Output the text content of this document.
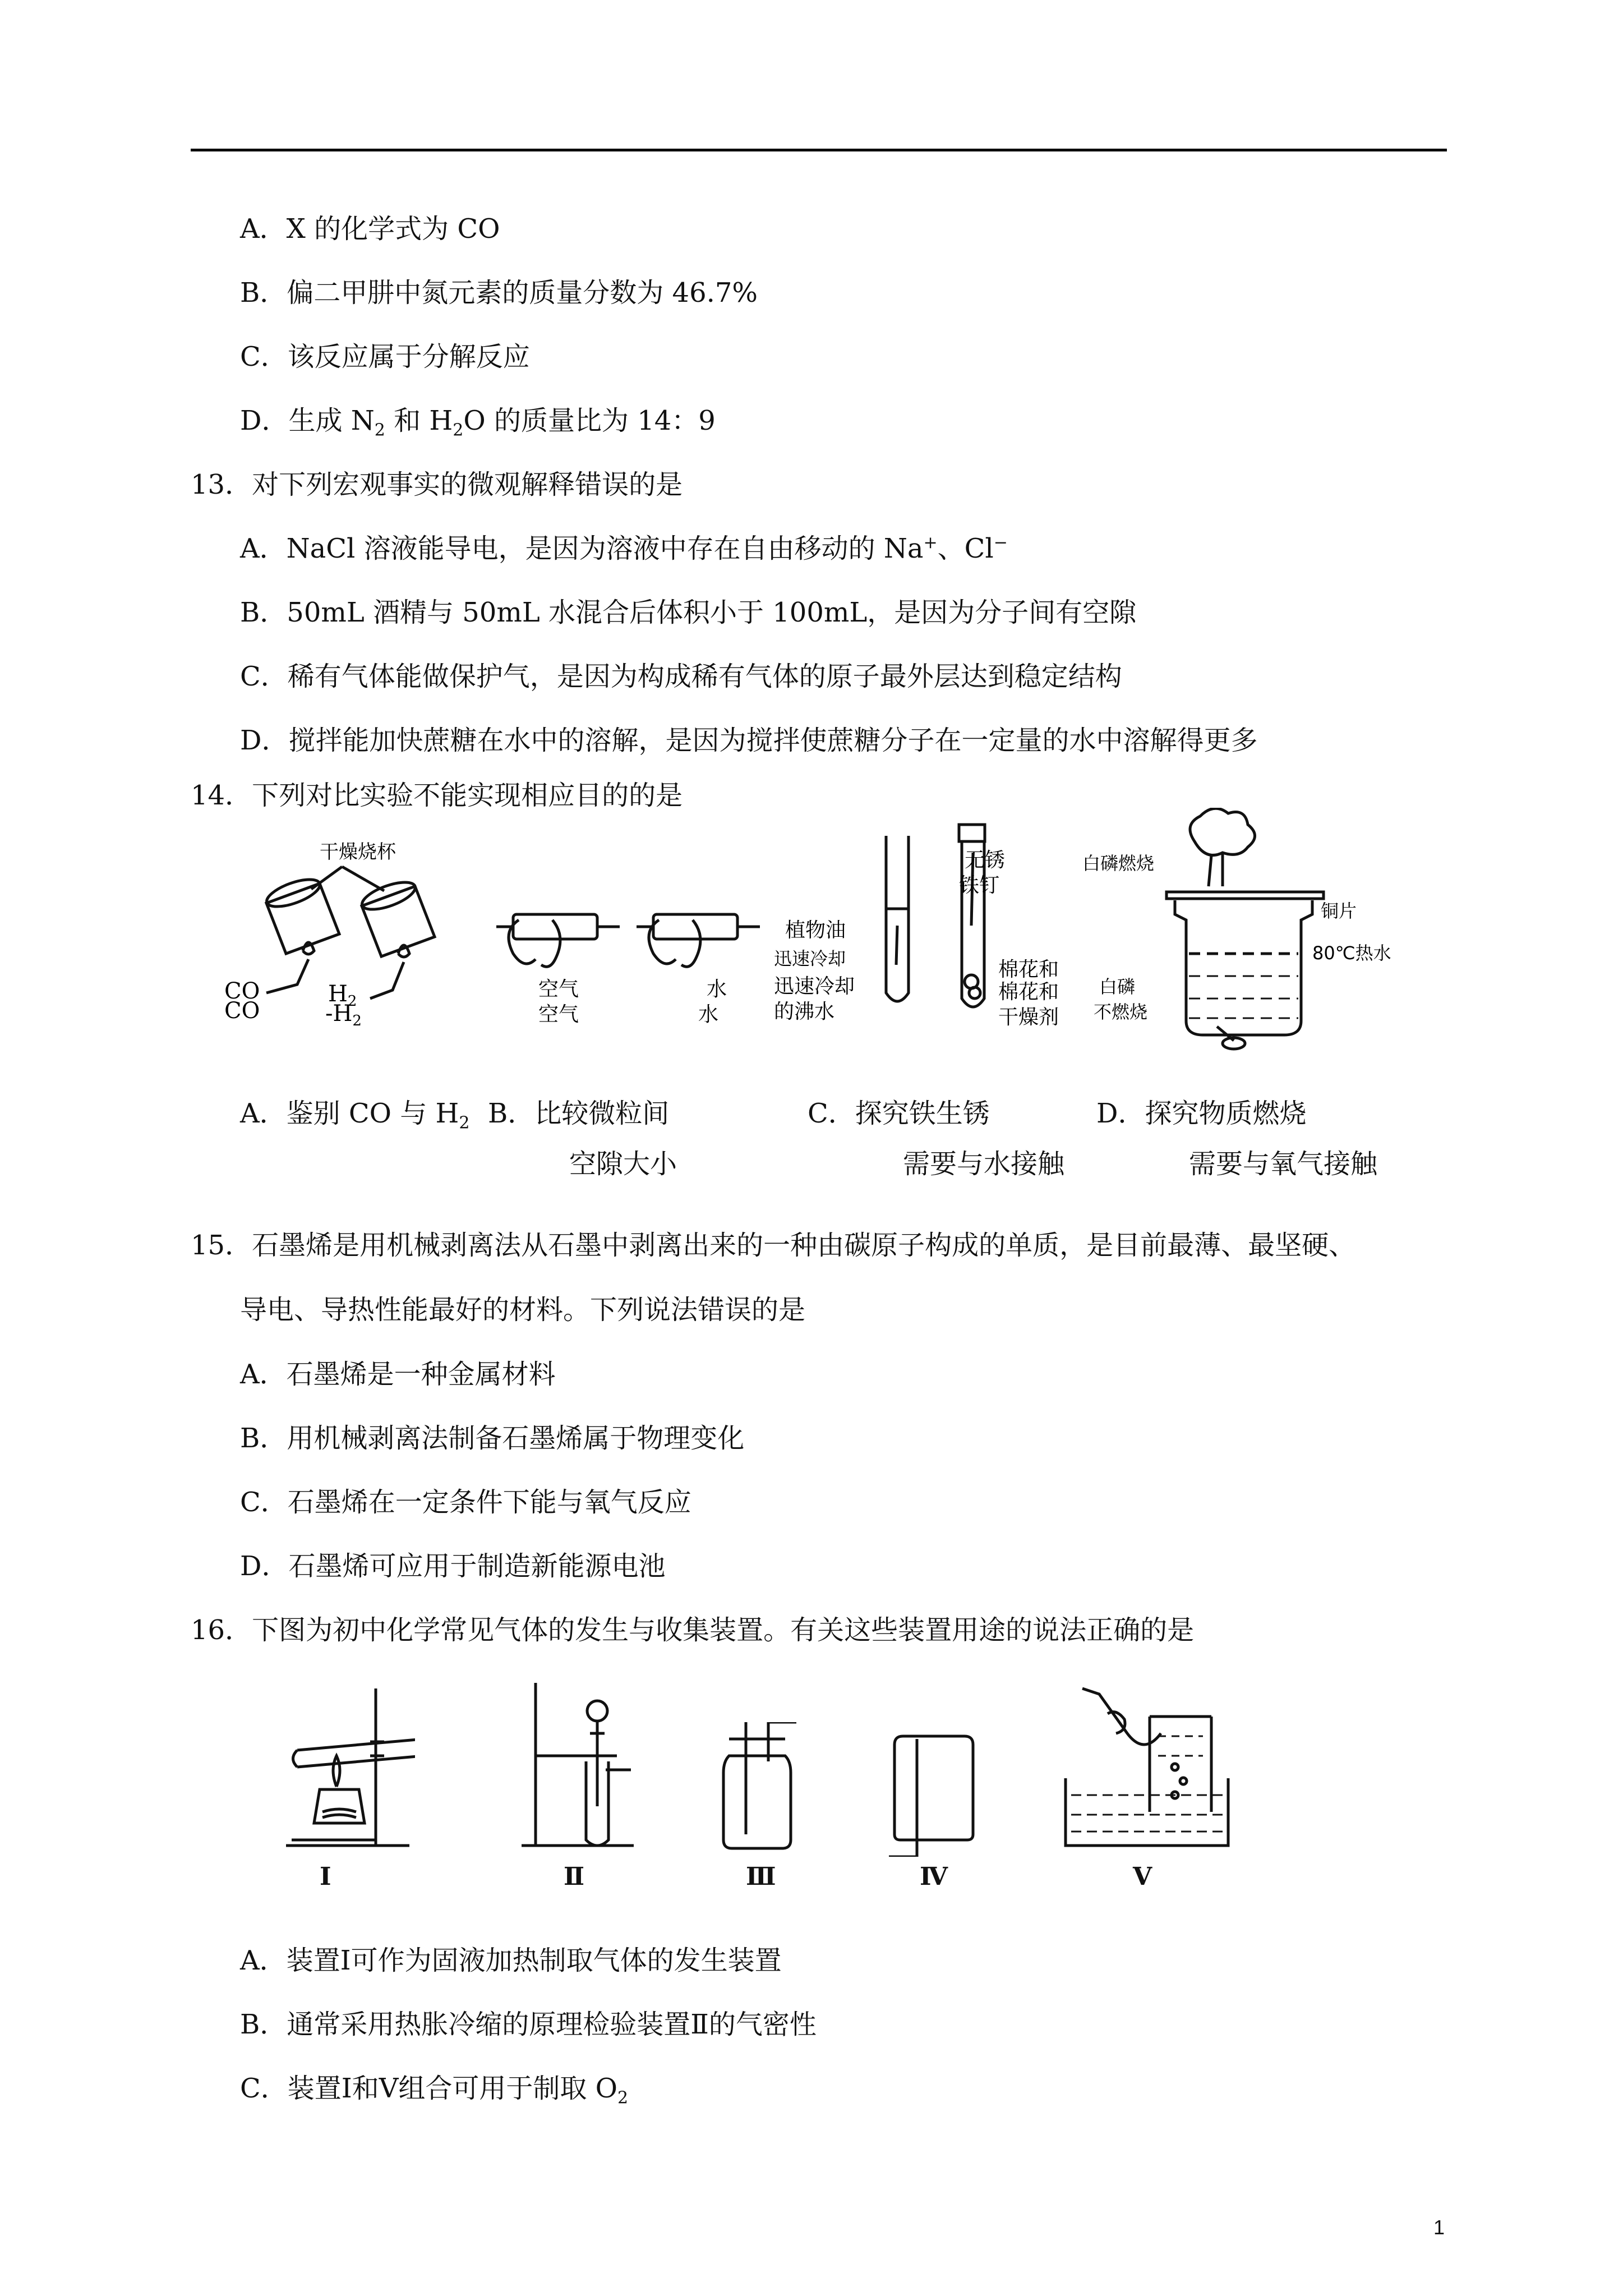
A．X 的化学式为 CO
B．偏二甲肼中氮元素的质量分数为 46.7%
C．该反应属于分解反应
D．生成 $N_2$ 和 $H_2O$ 的质量比为 14：9
13．对下列宏观事实的微观解释错误的是
A．NaCl 溶液能导电，是因为溶液中存在自由移动的 Na+、Cl−
B．50mL 酒精与 50mL 水混合后体积小于 100mL，是因为分子间有空隙
C．稀有气体能做保护气，是因为构成稀有气体的原子最外层达到稳定结构
D．搅拌能加快蔗糖在水中的溶解，是因为搅拌使蔗糖分子在一定量的水中溶解得更多
14．下列对比实验不能实现相应目的的是
干燥烧杯
CO
CO
$H_2$
$-H_2$
空气
空气
水
水
无锈
铁钉
植物油
迅速冷却
迅速冷却
的沸水
棉花和
棉花和
干燥剂
白磷燃烧
铜片
80℃热水
白磷
不燃烧
A．鉴别 CO 与 $H_2$ B．比较微粒间
空隙大小
C．探究铁生锈
需要与水接触
D．探究物质燃烧
需要与氧气接触
15．石墨烯是用机械剥离法从石墨中剥离出来的一种由碳原子构成的单质，是目前最薄、最坚硬、
导电、导热性能最好的材料。下列说法错误的是
A．石墨烯是一种金属材料
B．用机械剥离法制备石墨烯属于物理变化
C．石墨烯在一定条件下能与氧气反应
D．石墨烯可应用于制造新能源电池
16．下图为初中化学常见气体的发生与收集装置。有关这些装置用途的说法正确的是
Ⅰ	Ⅱ	Ⅲ	Ⅳ	Ⅴ
A．装置Ⅰ可作为固液加热制取气体的发生装置
B．通常采用热胀冷缩的原理检验装置Ⅱ的气密性
C．装置Ⅰ和Ⅴ组合可用于制取 $O_2$
1
